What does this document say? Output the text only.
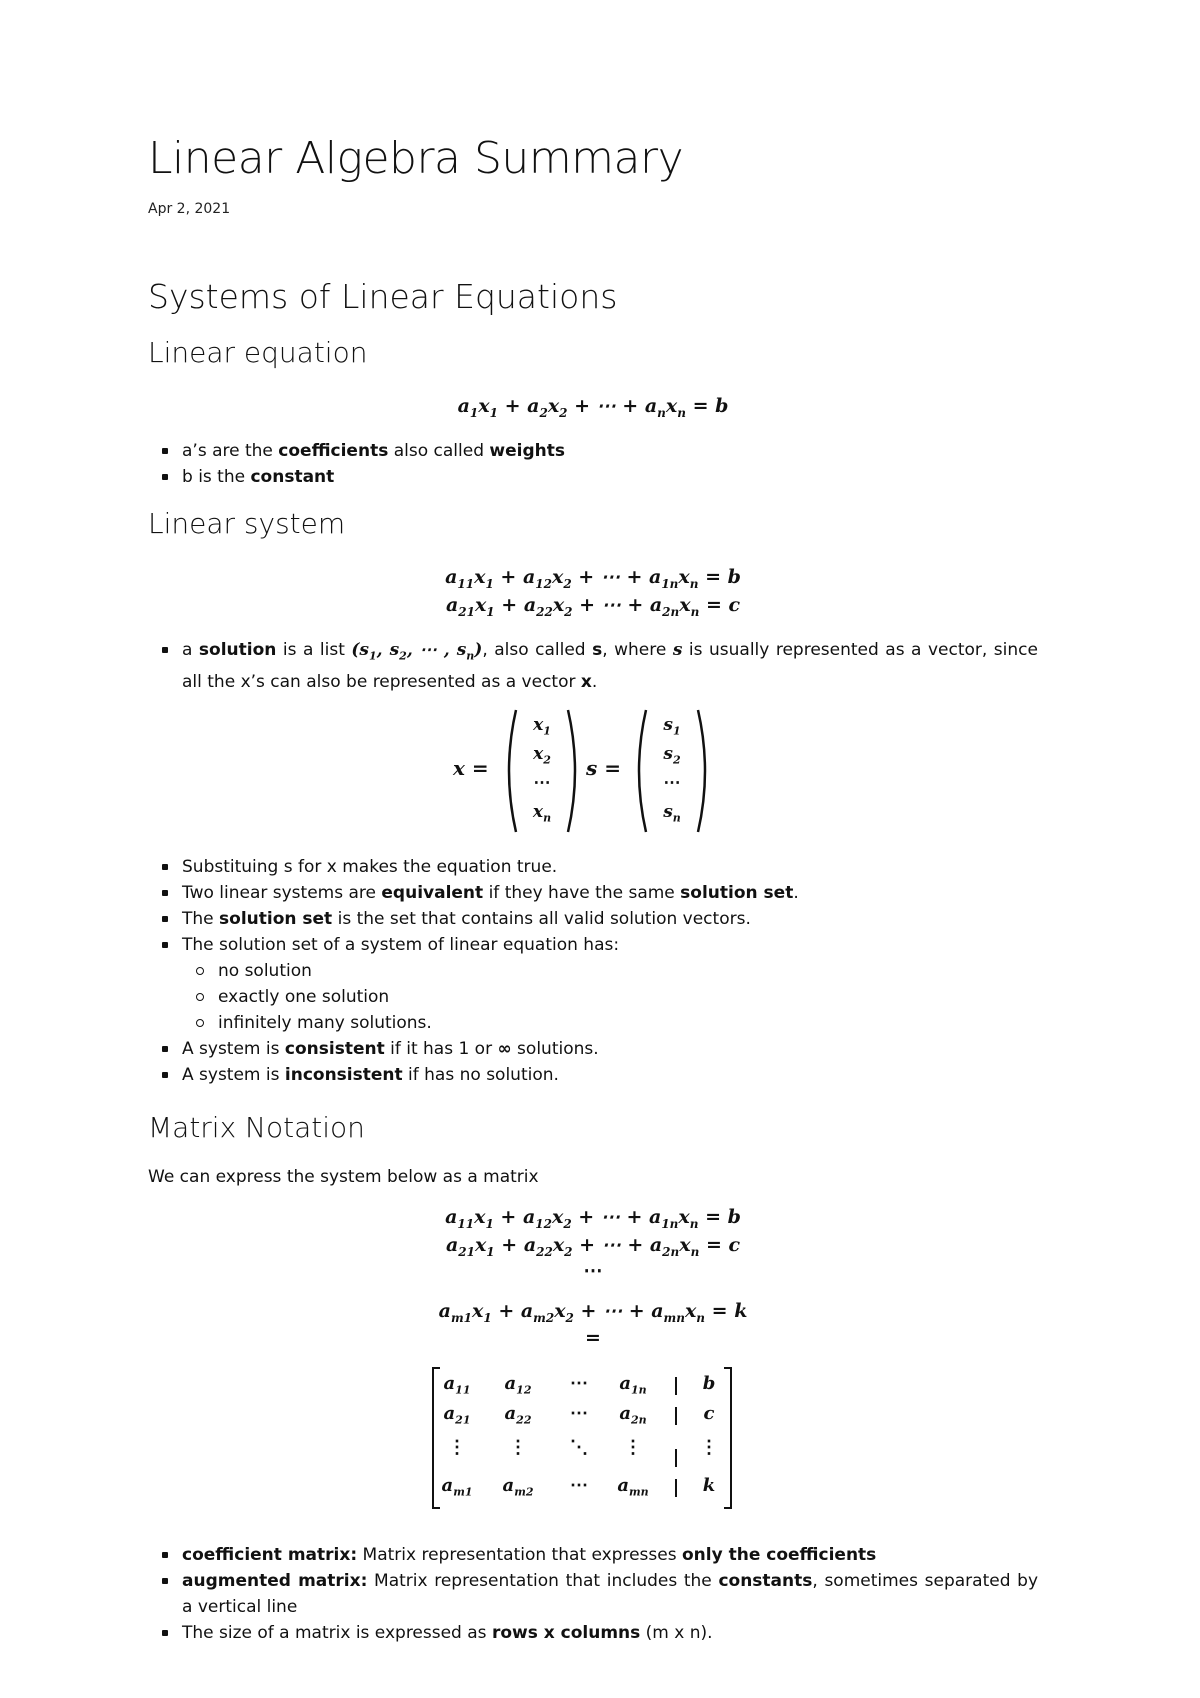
Linear Algebra Summary
Apr 2, 2021
Systems of Linear Equations
Linear equation
$a_1x_1 + a_2x_2$ + ⋯ + $a_nx_n = b$
a’s are the coefficients also called weights
b is the constant
Linear system
$a_{11}x_1 + a_{12}x_2$ + ⋯ + $a_{1n}x_n = b$
$a_{21}x_1 + a_{22}x_2$ + ⋯ + $a_{2n}x_n = c$
a solution is a list ($s_1$, $s_2$, ⋯ , $s_n$), also called s, where s is usually represented as a vector, since all the x’s can also be represented as a vector x.
x =
$x_1$
$x_2$
⋯
$x_n$
s =
$s_1$
$s_2$
⋯
$s_n$
Substituing s for x makes the equation true.
Two linear systems are equivalent if they have the same solution set.
The solution set is the set that contains all valid solution vectors.
The solution set of a system of linear equation has:
no solution
exactly one solution
infinitely many solutions.
A system is consistent if it has 1 or ∞ solutions.
A system is inconsistent if has no solution.
Matrix Notation
We can express the system below as a matrix
$a_{11}x_1 + a_{12}x_2$ + ⋯ + $a_{1n}x_n = b$
$a_{21}x_1 + a_{22}x_2$ + ⋯ + $a_{2n}x_n = c$
⋯
$a_{m1}x_1 + a_{m2}x_2$ + ⋯ + $a_{mn}x_n = k$
=
$a_{11}$	$a_{12}$	⋯	$a_{1n}$	b
$a_{21}$	$a_{22}$	⋯	$a_{2n}$	c
⋮	⋮	⋱	⋮	⋮
$a_{m1}$	$a_{m2}$	⋯	$a_{mn}$	k
coefficient matrix: Matrix representation that expresses only the coefficients
augmented matrix: Matrix representation that includes the constants, sometimes separated by a vertical line
The size of a matrix is expressed as rows x columns (m x n).
